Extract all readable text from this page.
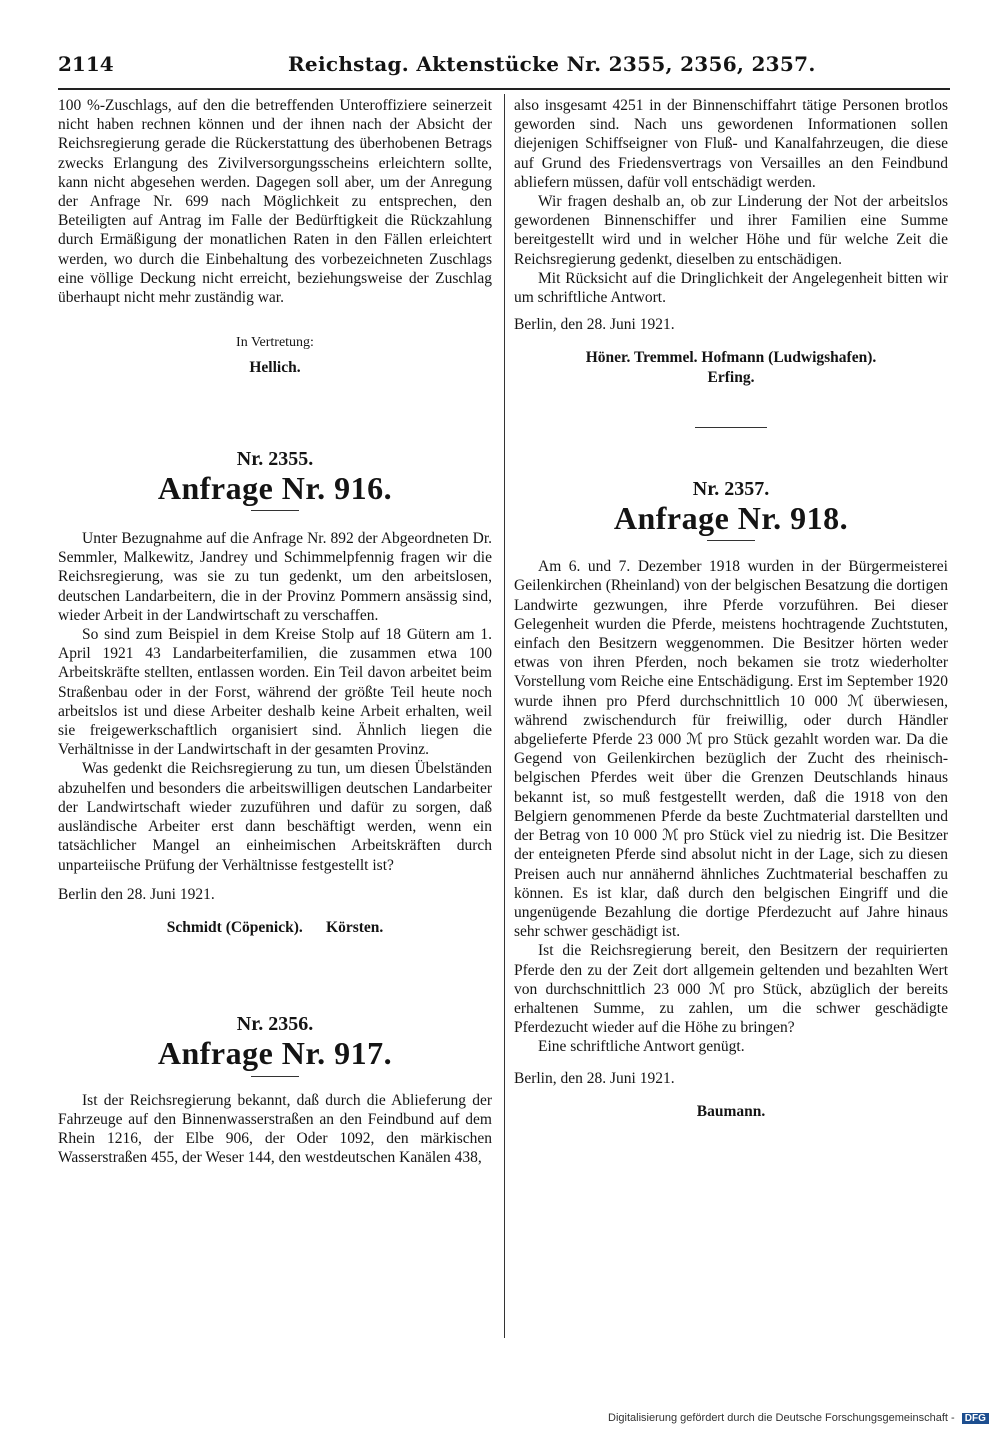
2114	Reichstag. Aktenstücke Nr. 2355, 2356, 2357.

100 %-Zuschlags, auf den die betreffenden Unteroffiziere seinerzeit nicht haben rechnen können und der ihnen nach der Absicht der Reichsregierung gerade die Rückerstattung des überhobenen Betrags zwecks Erlangung des Zivilversorgungsscheins erleichtern sollte, kann nicht abgesehen werden. Dagegen soll aber, um der Anregung der Anfrage Nr. 699 nach Möglichkeit zu entsprechen, den Beteiligten auf Antrag im Falle der Bedürftigkeit die Rückzahlung durch Ermäßigung der monatlichen Raten in den Fällen erleichtert werden, wo durch die Einbehaltung des vorbezeichneten Zuschlags eine völlige Deckung nicht erreicht, beziehungsweise der Zuschlag überhaupt nicht mehr zuständig war.

In Vertretung:

Hellich.

Nr. 2355.

Anfrage Nr. 916.

Unter Bezugnahme auf die Anfrage Nr. 892 der Abgeordneten Dr. Semmler, Malkewitz, Jandrey und Schimmelpfennig fragen wir die Reichsregierung, was sie zu tun gedenkt, um den arbeitslosen, deutschen Landarbeitern, die in der Provinz Pommern ansässig sind, wieder Arbeit in der Landwirtschaft zu verschaffen.

So sind zum Beispiel in dem Kreise Stolp auf 18 Gütern am 1. April 1921 43 Landarbeiterfamilien, die zusammen etwa 100 Arbeitskräfte stellten, entlassen worden. Ein Teil davon arbeitet beim Straßenbau oder in der Forst, während der größte Teil heute noch arbeitslos ist und diese Arbeiter deshalb keine Arbeit erhalten, weil sie freigewerkschaftlich organisiert sind. Ähnlich liegen die Verhältnisse in der Landwirtschaft in der gesamten Provinz.

Was gedenkt die Reichsregierung zu tun, um diesen Übelständen abzuhelfen und besonders die arbeitswilligen deutschen Landarbeiter der Landwirtschaft wieder zuzuführen und dafür zu sorgen, daß ausländische Arbeiter erst dann beschäftigt werden, wenn ein tatsächlicher Mangel an einheimischen Arbeitskräften durch unparteiische Prüfung der Verhältnisse festgestellt ist?

Berlin den 28. Juni 1921.

Schmidt (Cöpenick).      Körsten.

Nr. 2356.

Anfrage Nr. 917.

Ist der Reichsregierung bekannt, daß durch die Ablieferung der Fahrzeuge auf den Binnenwasserstraßen an den Feindbund auf dem Rhein 1216, der Elbe 906, der Oder 1092, den märkischen Wasserstraßen 455, der Weser 144, den westdeutschen Kanälen 438,

also insgesamt 4251 in der Binnenschiffahrt tätige Personen brotlos geworden sind. Nach uns gewordenen Informationen sollen diejenigen Schiffseigner von Fluß- und Kanalfahrzeugen, die diese auf Grund des Friedensvertrags von Versailles an den Feindbund abliefern müssen, dafür voll entschädigt werden.

Wir fragen deshalb an, ob zur Linderung der Not der arbeitslos gewordenen Binnenschiffer und ihrer Familien eine Summe bereitgestellt wird und in welcher Höhe und für welche Zeit die Reichsregierung gedenkt, dieselben zu entschädigen.

Mit Rücksicht auf die Dringlichkeit der Angelegenheit bitten wir um schriftliche Antwort.

Berlin, den 28. Juni 1921.

Höner. Tremmel. Hofmann (Ludwigshafen).

Erfing.

Nr. 2357.

Anfrage Nr. 918.

Am 6. und 7. Dezember 1918 wurden in der Bürgermeisterei Geilenkirchen (Rheinland) von der belgischen Besatzung die dortigen Landwirte gezwungen, ihre Pferde vorzuführen. Bei dieser Gelegenheit wurden die Pferde, meistens hochtragende Zuchtstuten, einfach den Besitzern weggenommen. Die Besitzer hörten weder etwas von ihren Pferden, noch bekamen sie trotz wiederholter Vorstellung vom Reiche eine Entschädigung. Erst im September 1920 wurde ihnen pro Pferd durchschnittlich 10 000 ℳ überwiesen, während zwischendurch für freiwillig, oder durch Händler abgelieferte Pferde 23 000 ℳ pro Stück gezahlt worden war. Da die Gegend von Geilenkirchen bezüglich der Zucht des rheinisch-belgischen Pferdes weit über die Grenzen Deutschlands hinaus bekannt ist, so muß festgestellt werden, daß die 1918 von den Belgiern genommenen Pferde da beste Zuchtmaterial darstellten und der Betrag von 10 000 ℳ pro Stück viel zu niedrig ist. Die Besitzer der enteigneten Pferde sind absolut nicht in der Lage, sich zu diesen Preisen auch nur annähernd ähnliches Zuchtmaterial beschaffen zu können. Es ist klar, daß durch den belgischen Eingriff und die ungenügende Bezahlung die dortige Pferdezucht auf Jahre hinaus sehr schwer geschädigt ist.

Ist die Reichsregierung bereit, den Besitzern der requirierten Pferde den zu der Zeit dort allgemein geltenden und bezahlten Wert von durchschnittlich 23 000 ℳ pro Stück, abzüglich der bereits erhaltenen Summe, zu zahlen, um die schwer geschädigte Pferdezucht wieder auf die Höhe zu bringen?

Eine schriftliche Antwort genügt.

Berlin, den 28. Juni 1921.

Baumann.

Digitalisierung gefördert durch die Deutsche Forschungsgemeinschaft - DFG
